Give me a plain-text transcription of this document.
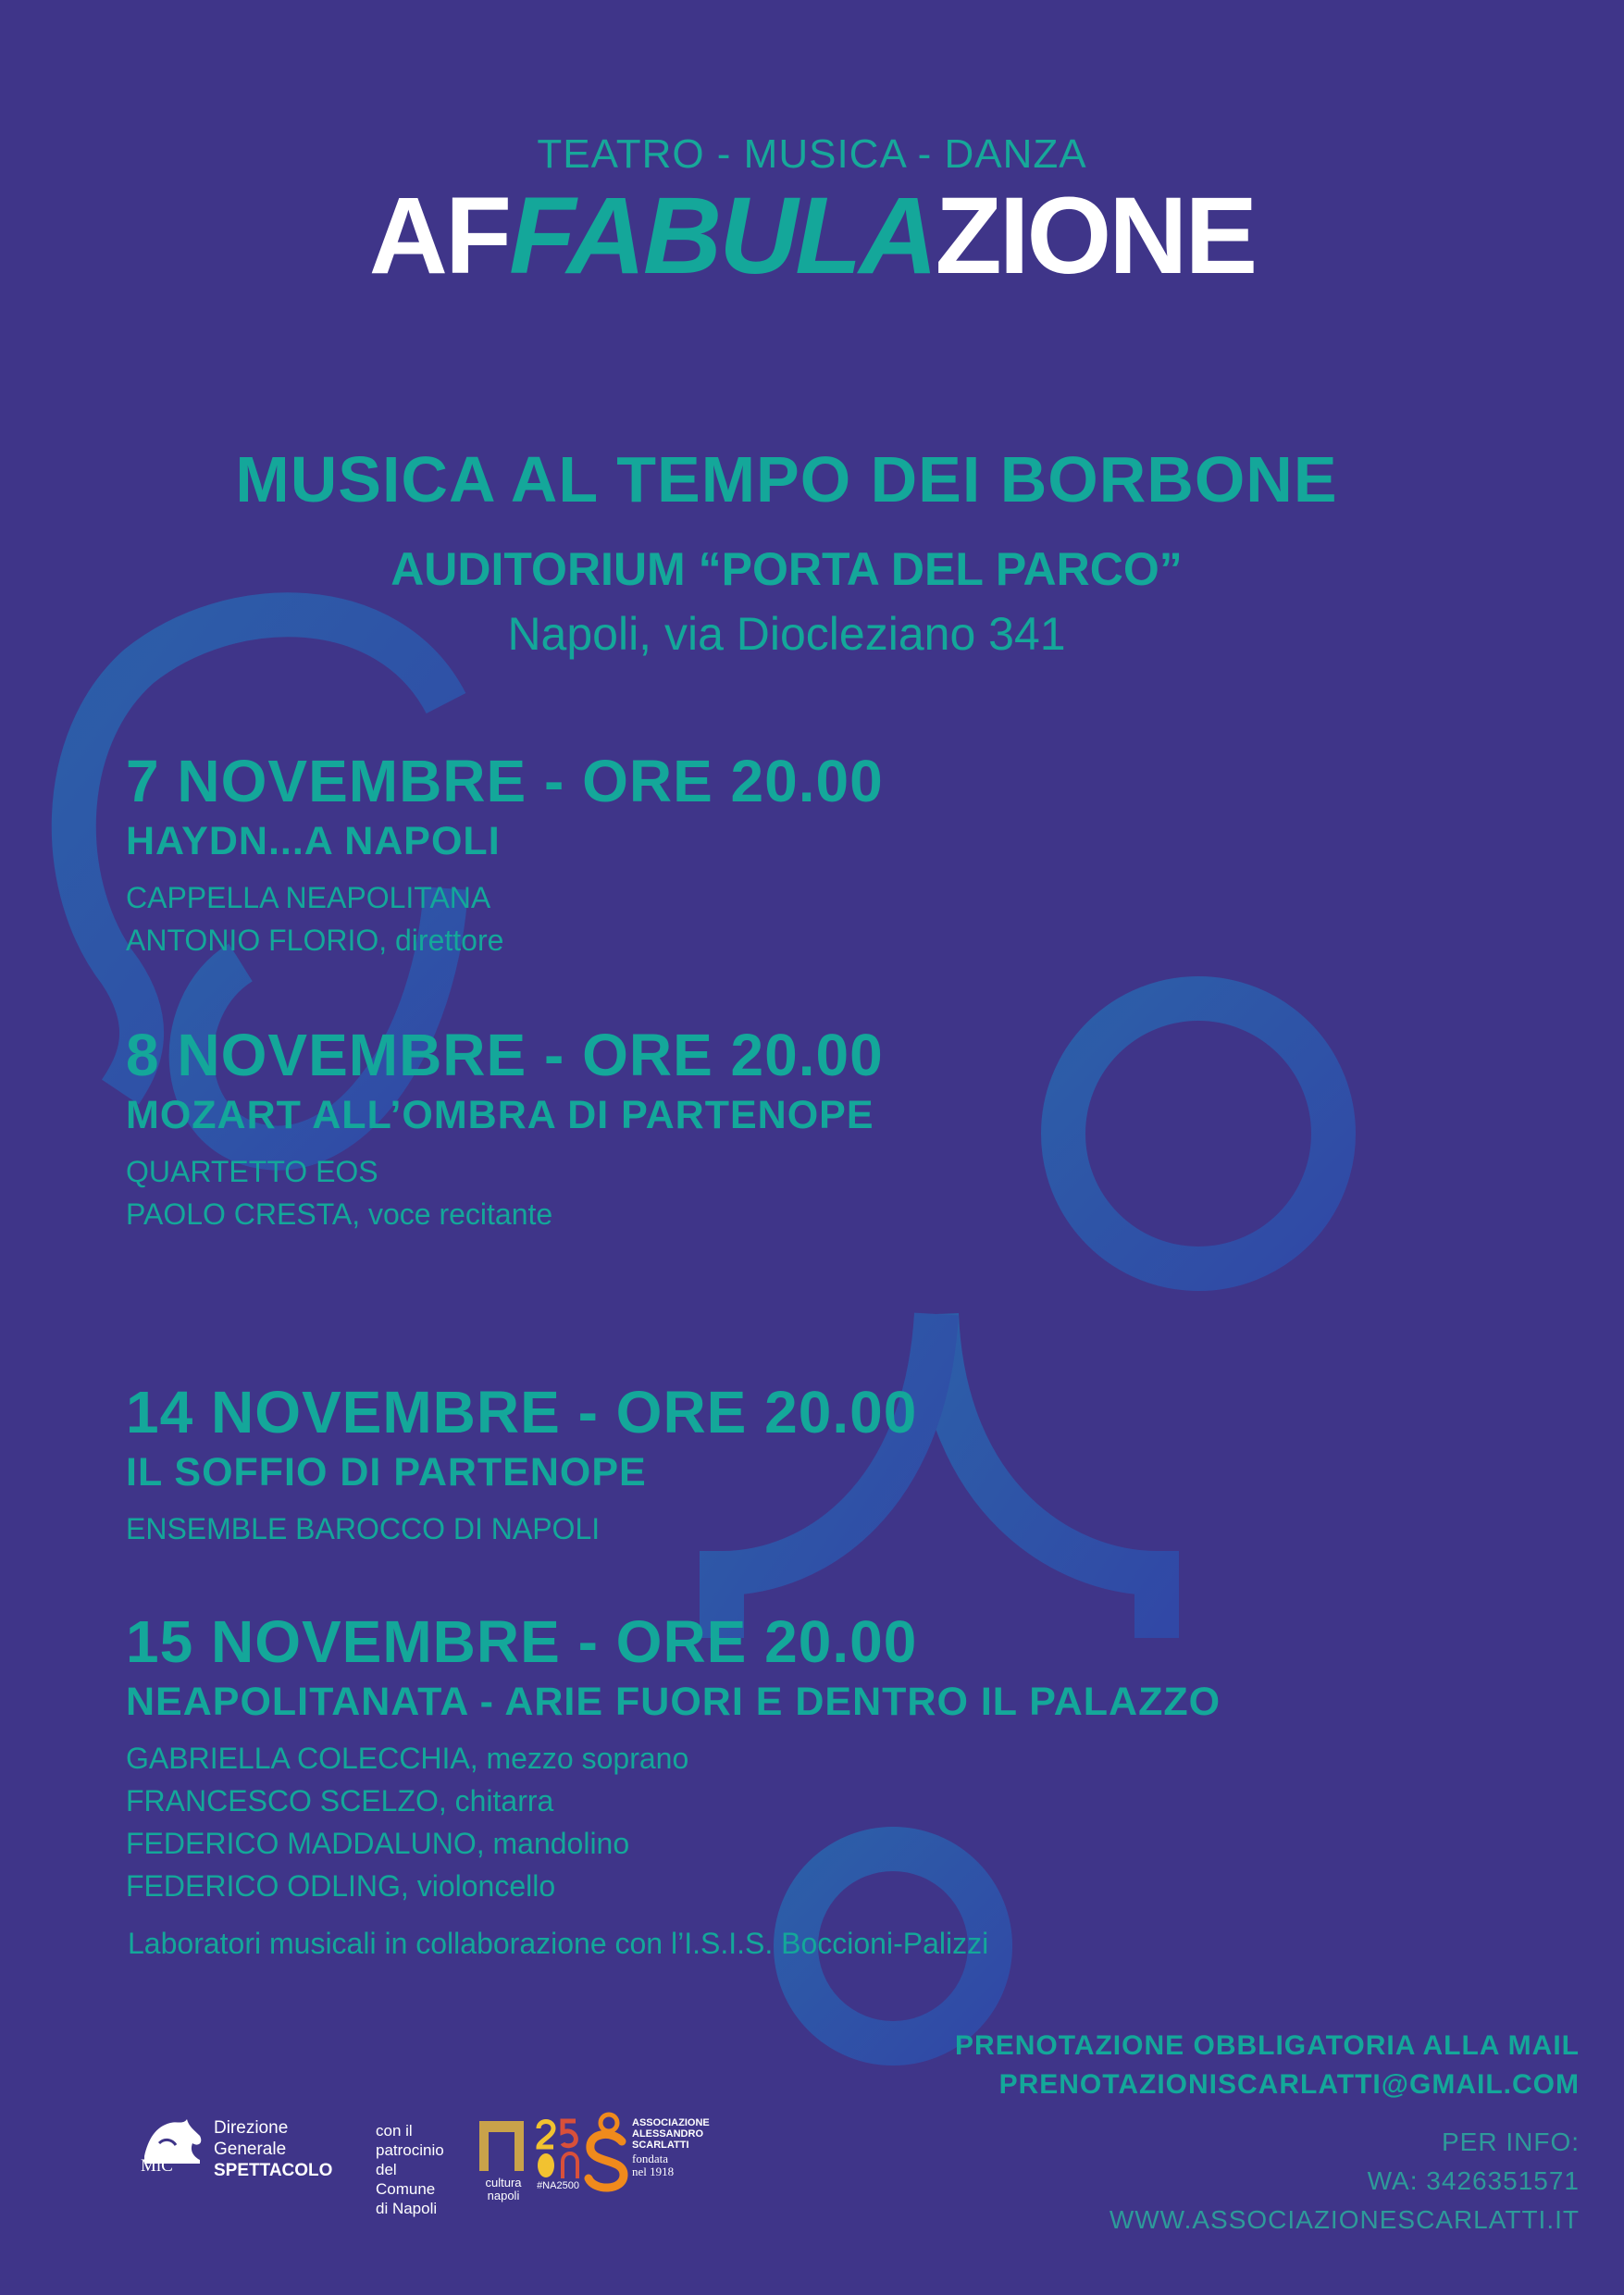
TEATRO - MUSICA - DANZA
AFFABULAZIONE
MUSICA AL TEMPO DEI BORBONE
AUDITORIUM “PORTA DEL PARCO”
Napoli, via Diocleziano 341
7 NOVEMBRE - ORE 20.00
HAYDN...A NAPOLI
CAPPELLA NEAPOLITANA
ANTONIO FLORIO, direttore
8 NOVEMBRE - ORE 20.00
MOZART ALL’OMBRA DI PARTENOPE
QUARTETTO EOS
PAOLO CRESTA, voce recitante
14 NOVEMBRE - ORE 20.00
IL SOFFIO DI PARTENOPE
ENSEMBLE BAROCCO DI NAPOLI
15 NOVEMBRE - ORE 20.00
NEAPOLITANATA - ARIE FUORI E DENTRO IL PALAZZO
GABRIELLA COLECCHIA, mezzo soprano
FRANCESCO SCELZO, chitarra
FEDERICO MADDALUNO, mandolino
FEDERICO ODLING, violoncello
Laboratori musicali in collaborazione con l’I.S.I.S. Boccioni-Palizzi
PRENOTAZIONE OBBLIGATORIA ALLA MAIL
PRENOTAZIONISCARLATTI@GMAIL.COM
PER INFO:
WA: 3426351571
WWW.ASSOCIAZIONESCARLATTI.IT
MiC
Direzione
Generale
SPETTACOLO
con il patrocinio
del Comune
di Napoli
cultura
napoli
#NA2500
ASSOCIAZIONE
ALESSANDRO
SCARLATTI
fondata
nel 1918
